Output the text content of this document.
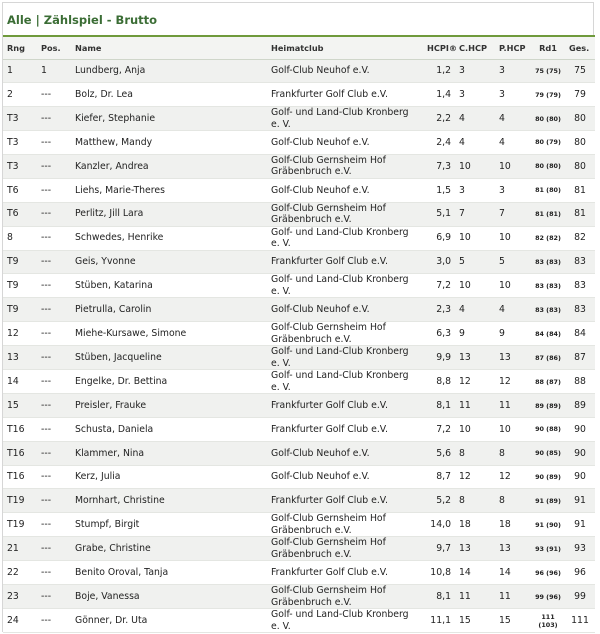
Alle | Zählspiel - Brutto
Rng	Pos.	Name	Heimatclub	HCPI®	C.HCP	P.HCP	Rd1	Ges.
1	1	Lundberg, Anja	Golf-Club Neuhof e.V.	1,2	3	3	75 (75)	75
2	---	Bolz, Dr. Lea	Frankfurter Golf Club e.V.	1,4	3	3	79 (79)	79
T3	---	Kiefer, Stephanie	Golf- und Land-Club Kronberg e. V.	2,2	4	4	80 (80)	80
T3	---	Matthew, Mandy	Golf-Club Neuhof e.V.	2,4	4	4	80 (79)	80
T3	---	Kanzler, Andrea	Golf-Club Gernsheim Hof Gräbenbruch e.V.	7,3	10	10	80 (80)	80
T6	---	Liehs, Marie-Theres	Golf-Club Neuhof e.V.	1,5	3	3	81 (80)	81
T6	---	Perlitz, Jill Lara	Golf-Club Gernsheim Hof Gräbenbruch e.V.	5,1	7	7	81 (81)	81
8	---	Schwedes, Henrike	Golf- und Land-Club Kronberg e. V.	6,9	10	10	82 (82)	82
T9	---	Geis, Yvonne	Frankfurter Golf Club e.V.	3,0	5	5	83 (83)	83
T9	---	Stüben, Katarina	Golf- und Land-Club Kronberg e. V.	7,2	10	10	83 (83)	83
T9	---	Pietrulla, Carolin	Golf-Club Neuhof e.V.	2,3	4	4	83 (83)	83
12	---	Miehe-Kursawe, Simone	Golf-Club Gernsheim Hof Gräbenbruch e.V.	6,3	9	9	84 (84)	84
13	---	Stüben, Jacqueline	Golf- und Land-Club Kronberg e. V.	9,9	13	13	87 (86)	87
14	---	Engelke, Dr. Bettina	Golf- und Land-Club Kronberg e. V.	8,8	12	12	88 (87)	88
15	---	Preisler, Frauke	Frankfurter Golf Club e.V.	8,1	11	11	89 (89)	89
T16	---	Schusta, Daniela	Frankfurter Golf Club e.V.	7,2	10	10	90 (88)	90
T16	---	Klammer, Nina	Golf-Club Neuhof e.V.	5,6	8	8	90 (85)	90
T16	---	Kerz, Julia	Golf-Club Neuhof e.V.	8,7	12	12	90 (89)	90
T19	---	Mornhart, Christine	Frankfurter Golf Club e.V.	5,2	8	8	91 (89)	91
T19	---	Stumpf, Birgit	Golf-Club Gernsheim Hof Gräbenbruch e.V.	14,0	18	18	91 (90)	91
21	---	Grabe, Christine	Golf-Club Gernsheim Hof Gräbenbruch e.V.	9,7	13	13	93 (91)	93
22	---	Benito Oroval, Tanja	Frankfurter Golf Club e.V.	10,8	14	14	96 (96)	96
23	---	Boje, Vanessa	Golf-Club Gernsheim Hof Gräbenbruch e.V.	8,1	11	11	99 (96)	99
24	---	Gönner, Dr. Uta	Golf- und Land-Club Kronberg e. V.	11,1	15	15	111 (103)	111
